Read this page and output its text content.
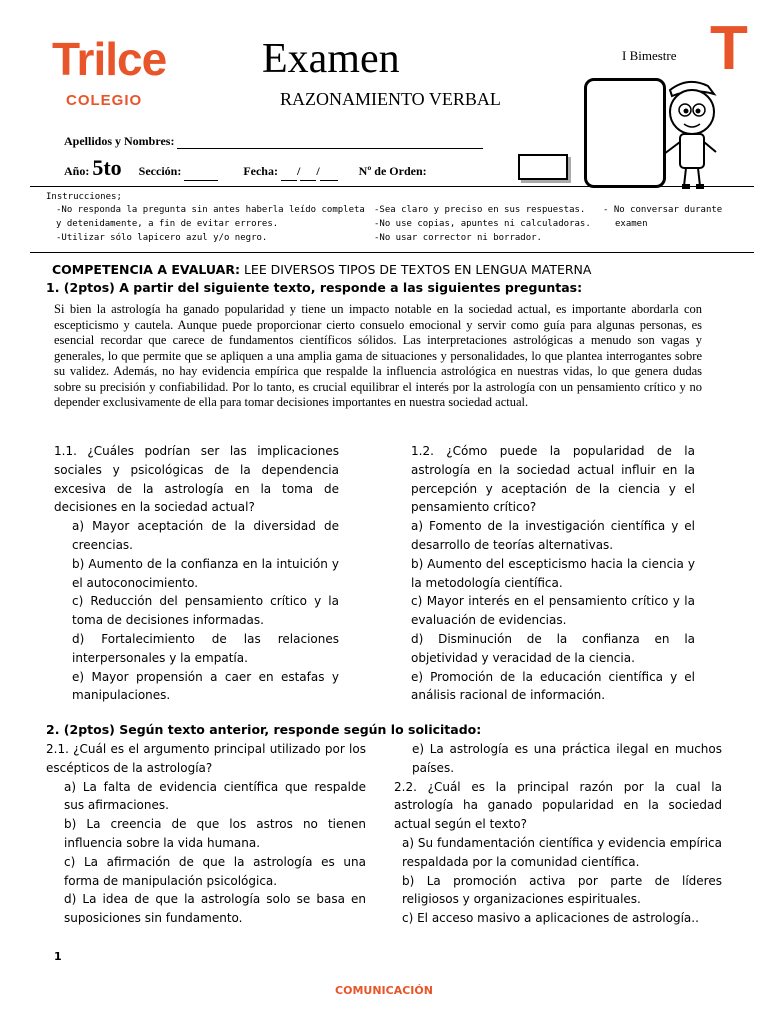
Trilce
COLEGIO
Examen
RAZONAMIENTO VERBAL
I Bimestre T
Apellidos y Nombres:
Año: 5to Sección:	Fecha: / /	Nº de Orden:
Instrucciones;
-No responda la pregunta sin antes haberla leído completa
y detenidamente, a fin de evitar errores.
-Utilizar sólo lapicero azul y/o negro.
-Sea claro y preciso en sus respuestas.
-No use copias, apuntes ni calculadoras.
-No usar corrector ni borrador.
- No conversar durante
examen
COMPETENCIA A EVALUAR: LEE DIVERSOS TIPOS DE TEXTOS EN LENGUA MATERNA
1. (2ptos) A partir del siguiente texto, responde a las siguientes preguntas:
Si bien la astrología ha ganado popularidad y tiene un impacto notable en la sociedad actual, es importante abordarla con escepticismo y cautela. Aunque puede proporcionar cierto consuelo emocional y servir como guía para algunas personas, es esencial recordar que carece de fundamentos científicos sólidos. Las interpretaciones astrológicas a menudo son vagas y generales, lo que permite que se apliquen a una amplia gama de situaciones y personalidades, lo que plantea interrogantes sobre su validez. Además, no hay evidencia empírica que respalde la influencia astrológica en nuestras vidas, lo que genera dudas sobre su precisión y confiabilidad. Por lo tanto, es crucial equilibrar el interés por la astrología con un pensamiento crítico y no depender exclusivamente de ella para tomar decisiones importantes en nuestra sociedad actual.

1.1. ¿Cuáles podrían ser las implicaciones sociales y psicológicas de la dependencia excesiva de la astrología en la toma de decisiones en la sociedad actual?

a) Mayor aceptación de la diversidad de creencias.

b) Aumento de la confianza en la intuición y el autoconocimiento.

c) Reducción del pensamiento crítico y la toma de decisiones informadas.

d) Fortalecimiento de las relaciones interpersonales y la empatía.

e) Mayor propensión a caer en estafas y manipulaciones.

1.2. ¿Cómo puede la popularidad de la astrología en la sociedad actual influir en la percepción y aceptación de la ciencia y el pensamiento crítico?

a) Fomento de la investigación científica y el desarrollo de teorías alternativas.

b) Aumento del escepticismo hacia la ciencia y la metodología científica.

c) Mayor interés en el pensamiento crítico y la evaluación de evidencias.

d) Disminución de la confianza en la objetividad y veracidad de la ciencia.

e) Promoción de la educación científica y el análisis racional de información.

2. (2ptos) Según texto anterior, responde según lo solicitado:

2.1. ¿Cuál es el argumento principal utilizado por los escépticos de la astrología?

a) La falta de evidencia científica que respalde sus afirmaciones.

b) La creencia de que los astros no tienen influencia sobre la vida humana.

c) La afirmación de que la astrología es una forma de manipulación psicológica.

d) La idea de que la astrología solo se basa en suposiciones sin fundamento.

e) La astrología es una práctica ilegal en muchos países.

2.2. ¿Cuál es la principal razón por la cual la astrología ha ganado popularidad en la sociedad actual según el texto?

a) Su fundamentación científica y evidencia empírica respaldada por la comunidad científica.

b) La promoción activa por parte de líderes religiosos y organizaciones espirituales.

c) El acceso masivo a aplicaciones de astrología..

1
COMUNICACIÓN
